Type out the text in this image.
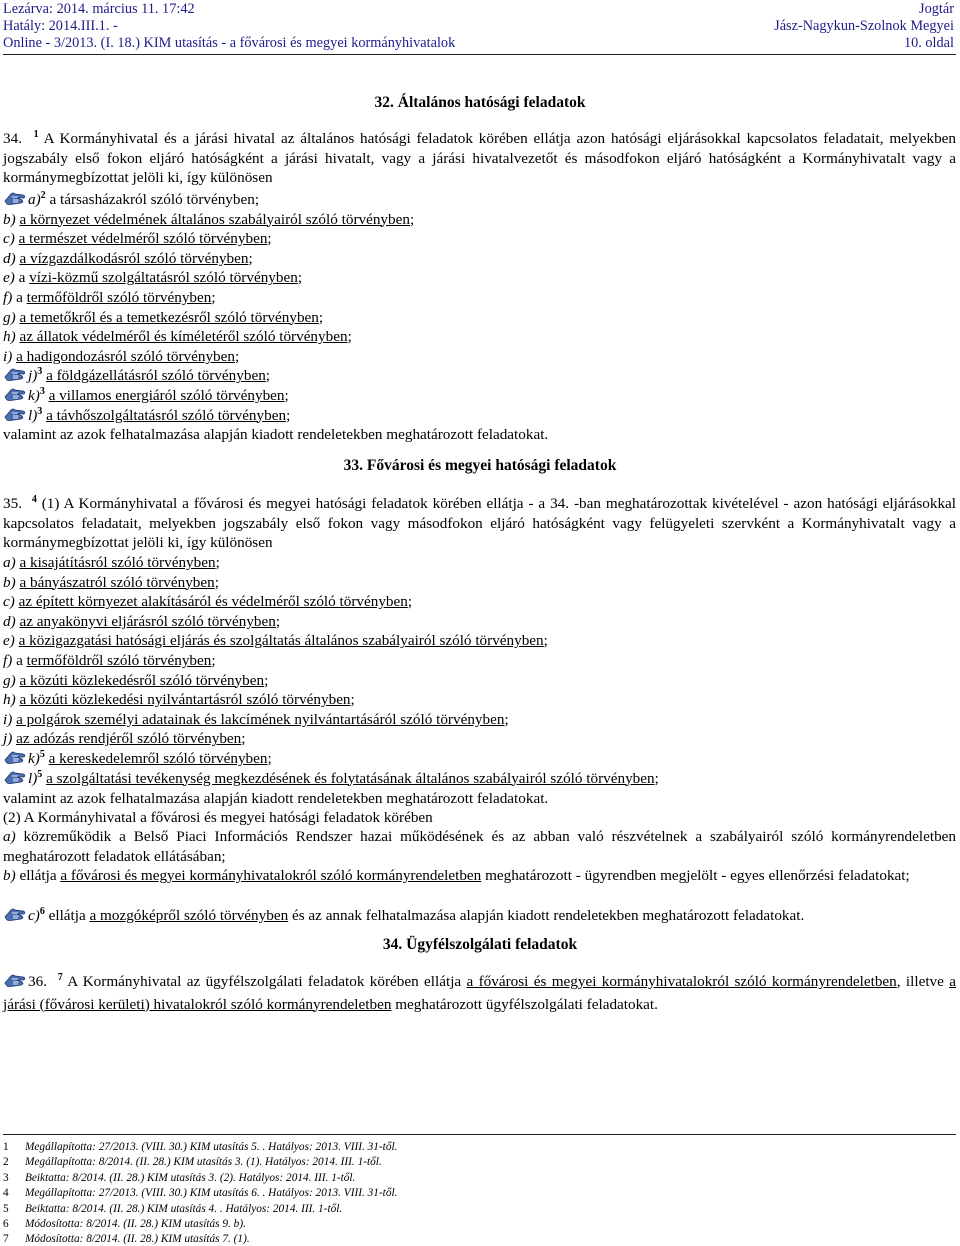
Lezárva: 2014. március 11. 17:42
Hatály: 2014.III.1. -
Online - 3/2013. (I. 18.) KIM utasítás - a fővárosi és megyei kormányhivatalok
Jogtár
Jász-Nagykun-Szolnok Megyei
10. oldal
32. Általános hatósági feladatok
34. $^1$ A Kormányhivatal és a járási hivatal az általános hatósági feladatok körében ellátja azon hatósági eljárásokkal kapcsolatos feladatait, melyekben jogszabály első fokon eljáró hatóságként a járási hivatalt, vagy a járási hivatalvezetőt és másodfokon eljáró hatóságként a Kormányhivatalt vagy a kormánymegbízottat jelöli ki, így különösen
a)$^2$ a társasházakról szóló törvényben;
b) a környezet védelmének általános szabályairól szóló törvényben;
c) a természet védelméről szóló törvényben;
d) a vízgazdálkodásról szóló törvényben;
e) a vízi-közmű szolgáltatásról szóló törvényben;
f) a termőföldről szóló törvényben;
g) a temetőkről és a temetkezésről szóló törvényben;
h) az állatok védelméről és kíméletéről szóló törvényben;
i) a hadigondozásról szóló törvényben;
j)$^3$ a földgázellátásról szóló törvényben;
k)$^3$ a villamos energiáról szóló törvényben;
l)$^3$ a távhőszolgáltatásról szóló törvényben;
valamint az azok felhatalmazása alapján kiadott rendeletekben meghatározott feladatokat.
33. Fővárosi és megyei hatósági feladatok
35. $^4$ (1) A Kormányhivatal a fővárosi és megyei hatósági feladatok körében ellátja - a 34. -ban meghatározottak kivételével - azon hatósági eljárásokkal kapcsolatos feladatait, melyekben jogszabály első fokon vagy másodfokon eljáró hatóságként vagy felügyeleti szervként a Kormányhivatalt vagy a kormánymegbízottat jelöli ki, így különösen
a) a kisajátításról szóló törvényben;
b) a bányászatról szóló törvényben;
c) az épített környezet alakításáról és védelméről szóló törvényben;
d) az anyakönyvi eljárásról szóló törvényben;
e) a közigazgatási hatósági eljárás és szolgáltatás általános szabályairól szóló törvényben;
f) a termőföldről szóló törvényben;
g) a közúti közlekedésről szóló törvényben;
h) a közúti közlekedési nyilvántartásról szóló törvényben;
i) a polgárok személyi adatainak és lakcímének nyilvántartásáról szóló törvényben;
j) az adózás rendjéről szóló törvényben;
k)$^5$ a kereskedelemről szóló törvényben;
l)$^5$ a szolgáltatási tevékenység megkezdésének és folytatásának általános szabályairól szóló törvényben;
valamint az azok felhatalmazása alapján kiadott rendeletekben meghatározott feladatokat.
(2) A Kormányhivatal a fővárosi és megyei hatósági feladatok körében
a) közreműködik a Belső Piaci Információs Rendszer hazai működésének és az abban való részvételnek a szabályairól szóló kormányrendeletben meghatározott feladatok ellátásában;
b) ellátja a fővárosi és megyei kormányhivatalokról szóló kormányrendeletben meghatározott - ügyrendben megjelölt - egyes ellenőrzési feladatokat;
c)$^6$ ellátja a mozgóképről szóló törvényben és az annak felhatalmazása alapján kiadott rendeletekben meghatározott feladatokat.
34. Ügyfélszolgálati feladatok
36. $^7$ A Kormányhivatal az ügyfélszolgálati feladatok körében ellátja a fővárosi és megyei kormányhivatalokról szóló kormányrendeletben, illetve a járási (fővárosi kerületi) hivatalokról szóló kormányrendeletben meghatározott ügyfélszolgálati feladatokat.
1 Megállapította: 27/2013. (VIII. 30.) KIM utasítás 5. . Hatályos: 2013. VIII. 31-től.
2 Megállapította: 8/2014. (II. 28.) KIM utasítás 3. (1). Hatályos: 2014. III. 1-től.
3 Beiktatta: 8/2014. (II. 28.) KIM utasítás 3. (2). Hatályos: 2014. III. 1-től.
4 Megállapította: 27/2013. (VIII. 30.) KIM utasítás 6. . Hatályos: 2013. VIII. 31-től.
5 Beiktatta: 8/2014. (II. 28.) KIM utasítás 4. . Hatályos: 2014. III. 1-től.
6 Módosította: 8/2014. (II. 28.) KIM utasítás 9. b).
7 Módosította: 8/2014. (II. 28.) KIM utasítás 7. (1).
